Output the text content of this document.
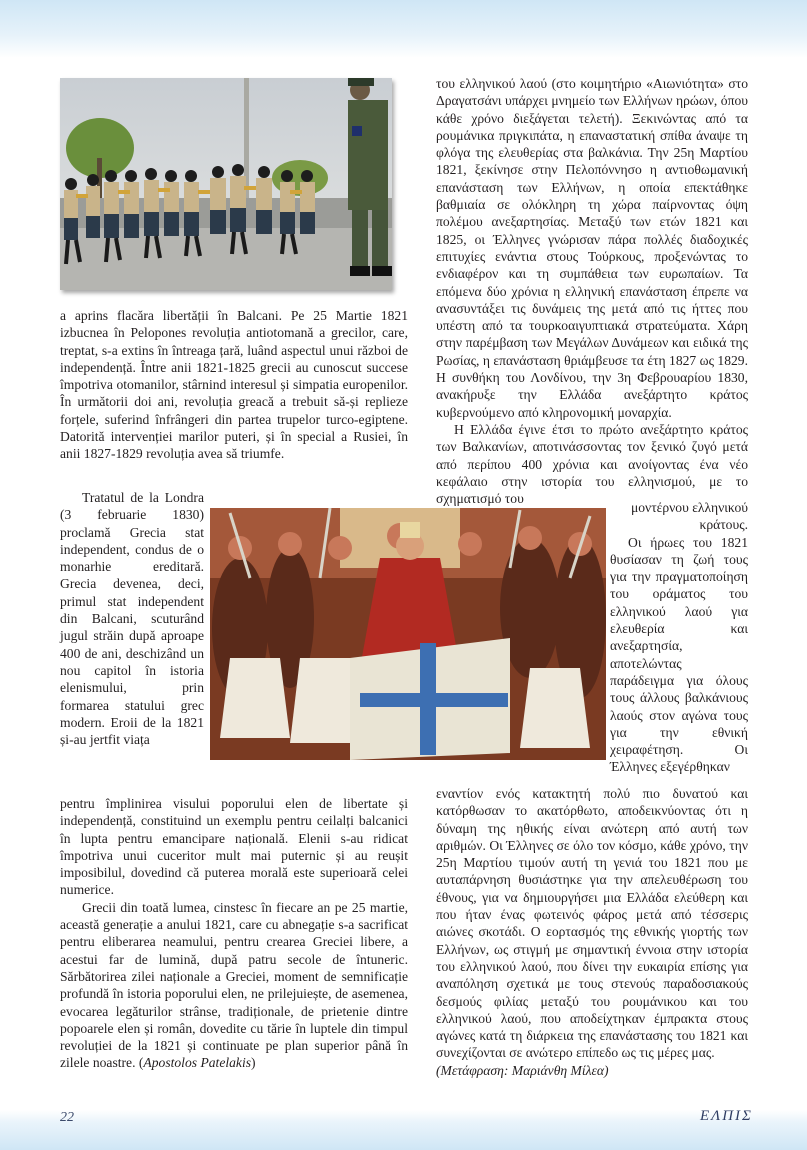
a aprins flacăra libertății în Balcani. Pe 25 Martie 1821 izbucnea în Pelopones revoluția antiotomană a grecilor, care, treptat, s-a extins în întreaga țară, luând aspectul unui război de independență. Între anii 1821-1825 grecii au cunoscut succese împotriva otomanilor, stârnind interesul și simpatia europenilor. În următorii doi ani, revoluția greacă a trebuit să-și replieze forțele, suferind înfrângeri din partea trupelor turco-egiptene. Datorită intervenției marilor puteri, și în special a Rusiei, în anii 1827-1829 revoluția avea să triumfe.

Tratatul de la Londra (3 februarie 1830) proclamă Grecia stat independent, condus de o monarhie ereditară. Grecia devenea, deci, primul stat independent din Balcani, scuturând jugul străin după aproape 400 de ani, deschizând un nou capitol în istoria elenismului, prin formarea statului grec modern. Eroii de la 1821 și-au jertfit viața

pentru împlinirea visului poporului elen de libertate și independență, constituind un exemplu pentru ceilalți balcanici în lupta pentru emancipare națională. Elenii s-au ridicat împotriva unui cuceritor mult mai puternic și au reușit imposibilul, dovedind că puterea morală este superioară celei numerice.

Grecii din toată lumea, cinstesc în fiecare an pe 25 martie, această generație a anului 1821, care cu abnegație s-a sacrificat pentru eliberarea neamului, pentru crearea Greciei libere, a acestui far de lumină, după patru secole de întuneric. Sărbătorirea zilei naționale a Greciei, moment de semnificație profundă în istoria poporului elen, ne prilejuiește, de asemenea, evocarea legăturilor strânse, tradiționale, de prietenie dintre popoarele elen și român, dovedite cu tărie în luptele din timpul revoluției de la 1821 și continuate pe plan superior până în zilele noastre. (Apostolos Patelakis)

του ελληνικού λαού (στο κοιμητήριο «Αιωνιότητα» στο Δραγατσάνι υπάρχει μνημείο των Ελλήνων ηρώων, όπου κάθε χρόνο διεξάγεται τελετή). Ξεκινώντας από τα ρουμάνικα πριγκιπάτα, η επαναστατική σπίθα άναψε τη φλόγα της ελευθερίας στα βαλκάνια. Την 25η Μαρτίου 1821, ξεκίνησε στην Πελοπόννησο η αντιοθωμανική επανάσταση των Ελλήνων, η οποία επεκτάθηκε βαθμιαία σε ολόκληρη τη χώρα παίρνοντας όψη πολέμου ανεξαρτησίας. Μεταξύ των ετών 1821 και 1825, οι Έλληνες γνώρισαν πάρα πολλές διαδοχικές επιτυχίες ενάντια στους Τούρκους, προξενώντας το ενδιαφέρον και τη συμπάθεια των ευρωπαίων. Τα επόμενα δύο χρόνια η ελληνική επανάσταση έπρεπε να ανασυντάξει τις δυνάμεις της μετά από τις ήττες που υπέστη από τα τουρκοαιγυπτιακά στρατεύματα. Χάρη στην παρέμβαση των Μεγάλων Δυνάμεων και ειδικά της Ρωσίας, η επανάσταση θριάμβευσε τα έτη 1827 ως 1829. Η συνθήκη του Λονδίνου, την 3η Φεβρουαρίου 1830, ανακήρυξε την Ελλάδα ανεξάρτητο κράτος κυβερνούμενο από κληρονομική μοναρχία.

Η Ελλάδα έγινε έτσι το πρώτο ανεξάρτητο κράτος των Βαλκανίων, αποτινάσσοντας τον ξενικό ζυγό μετά από περίπου 400 χρόνια και ανοίγοντας ένα νέο κεφάλαιο στην ιστορία του ελληνισμού, με το σχηματισμό του

μοντέρνου ελληνικού κράτους.

Οι ήρωες του 1821 θυσίασαν τη ζωή τους για την πραγματοποίηση του οράματος του ελληνικού λαού για ελευθερία και ανεξαρτησία, αποτελώντας παράδειγμα για όλους τους άλλους βαλκάνιους λαούς στον αγώνα τους για την εθνική χειραφέτηση. Οι Έλληνες εξεγέρθηκαν

εναντίον ενός κατακτητή πολύ πιο δυνατού και κατόρθωσαν το ακατόρθωτο, αποδεικνύοντας ότι η δύναμη της ηθικής είναι ανώτερη από αυτή των αριθμών. Οι Έλληνες σε όλο τον κόσμο, κάθε χρόνο, την 25η Μαρτίου τιμούν αυτή τη γενιά του 1821 που με αυταπάρνηση θυσιάστηκε για την απελευθέρωση του έθνους, για να δημιουργήσει μια Ελλάδα ελεύθερη και που ήταν ένας φωτεινός φάρος μετά από τέσσερις αιώνες σκοτάδι. Ο εορτασμός της εθνικής γιορτής των Ελλήνων, ως στιγμή με σημαντική έννοια στην ιστορία του ελληνικού λαού, που δίνει την ευκαιρία επίσης για αναπόληση σχετικά με τους στενούς παραδοσιακούς δεσμούς φιλίας μεταξύ του ρουμάνικου και του ελληνικού λαού, που αποδείχτηκαν έμπρακτα στους αγώνες κατά τη διάρκεια της επανάστασης του 1821 και συνεχίζονται σε ανώτερο επίπεδο ως τις μέρες μας.

(Μετάφραση: Μαριάνθη Μίλεα)

22	ΕΛΠΙΣ
